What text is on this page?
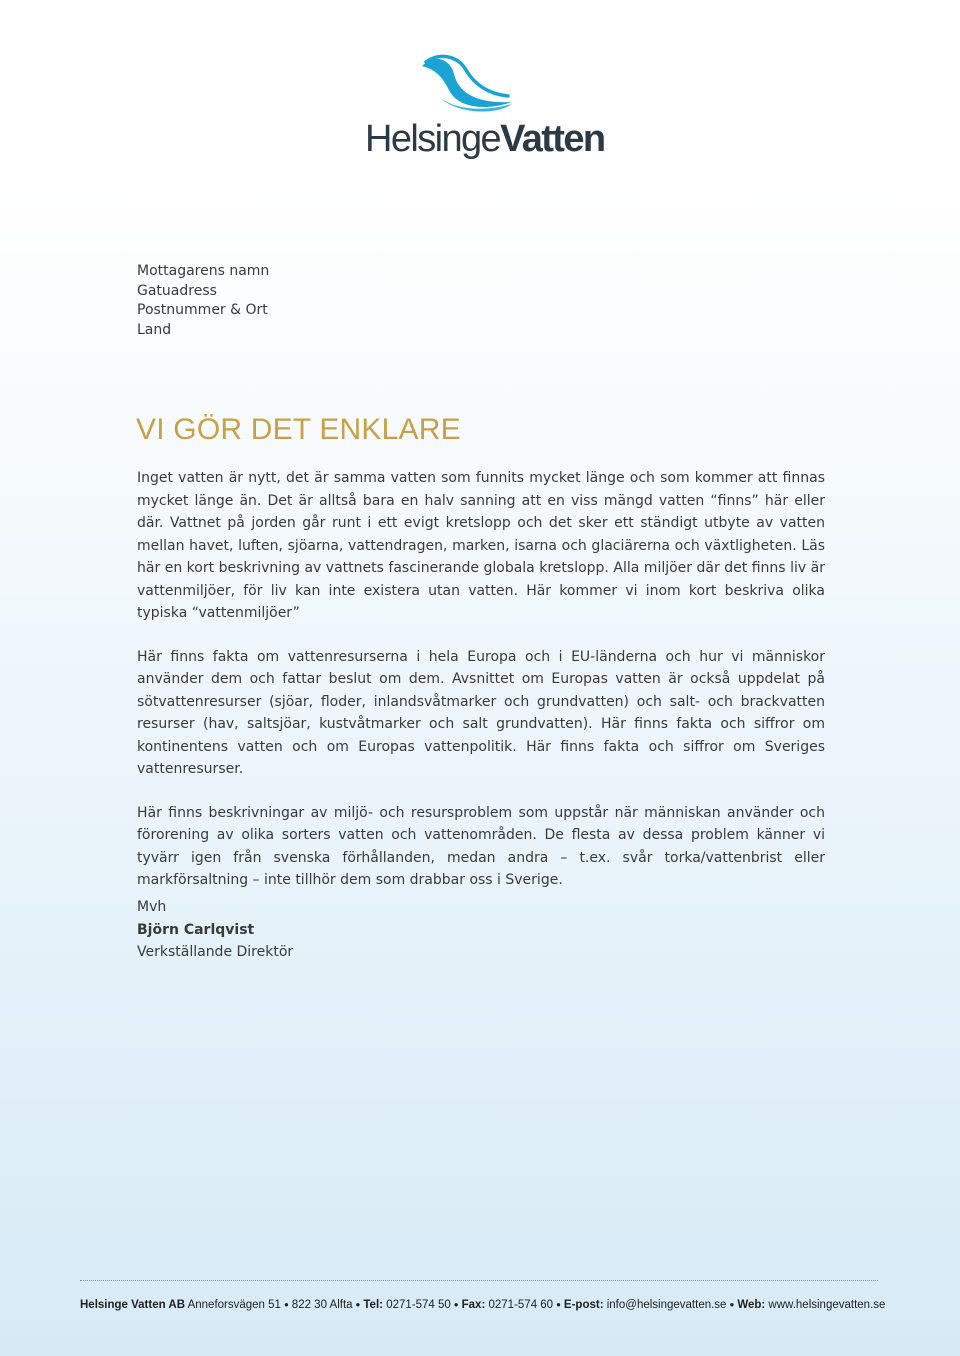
HelsingeVatten
Mottagarens namn
Gatuadress
Postnummer & Ort
Land
VI GÖR DET ENKLARE

Inget vatten är nytt, det är samma vatten som funnits mycket länge och som kommer att finnas mycket länge än. Det är alltså bara en halv sanning att en viss mängd vatten “finns” här eller där. Vattnet på jorden går runt i ett evigt kretslopp och det sker ett ständigt utbyte av vatten mellan havet, luften, sjöarna, vattendragen, marken, isarna och glaciärerna och växtligheten. Läs här en kort beskrivning av vattnets fascinerande globala kretslopp. Alla miljöer där det finns liv är vattenmiljöer, för liv kan inte existera utan vatten. Här kommer vi inom kort beskriva olika typiska “vattenmiljöer”

Här finns fakta om vattenresurserna i hela Europa och i EU-länderna och hur vi människor använder dem och fattar beslut om dem. Avsnittet om Europas vatten är också uppdelat på sötvattenresurser (sjöar, floder, inlandsvåtmarker och grundvatten) och salt- och brackvatten resurser (hav, saltsjöar, kustvåtmarker och salt grundvatten). Här finns fakta och siffror om kontinentens vatten och om Europas vattenpolitik. Här finns fakta och siffror om Sveriges vattenresurser.

Här finns beskrivningar av miljö- och resursproblem som uppstår när människan använder och förorening av olika sorters vatten och vattenområden. De flesta av dessa problem känner vi tyvärr igen från svenska förhållanden, medan andra – t.ex. svår torka/vattenbrist eller markförsaltning – inte tillhör dem som drabbar oss i Sverige.

Mvh
Björn Carlqvist
Verkställande Direktör
Helsinge Vatten AB Anneforsvägen 51 ● 822 30 Alfta ● Tel: 0271-574 50 ● Fax: 0271-574 60 ● E-post: info@helsingevatten.se ● Web: www.helsingevatten.se
